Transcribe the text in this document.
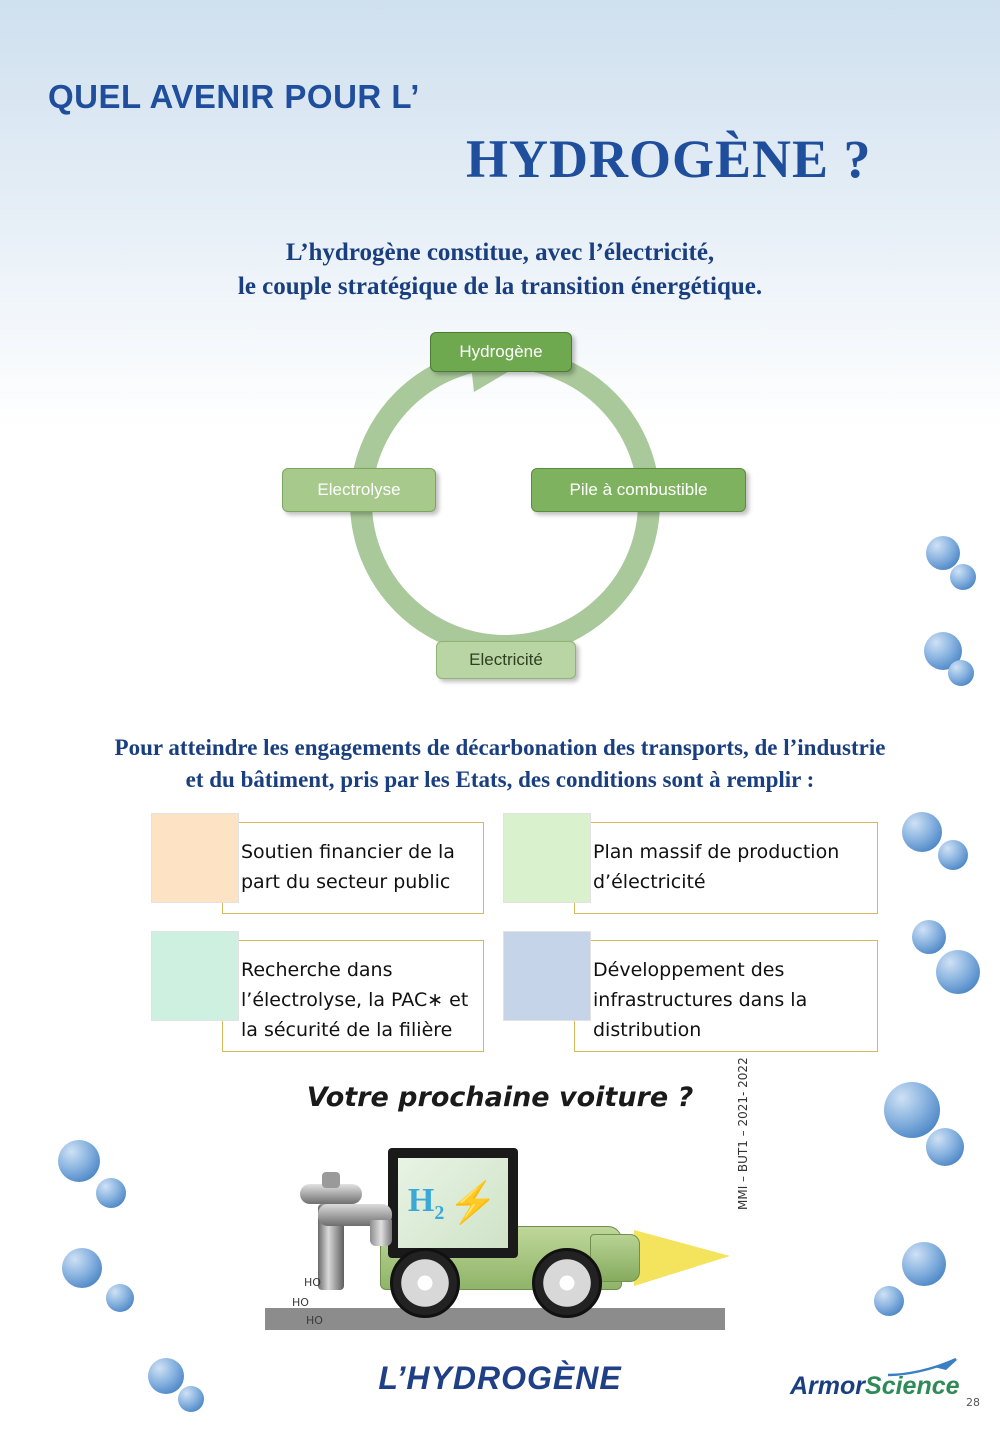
QUEL AVENIR POUR L’
HYDROGÈNE ?
L’hydrogène constitue, avec l’électricité,
le couple stratégique de la transition énergétique.
Hydrogène
Pile à combustible
Electricité
Electrolyse
Pour atteindre les engagements de décarbonation des transports, de l’industrie
et du bâtiment, pris par les Etats, des conditions sont à remplir :
Soutien financier de la part du secteur public
Plan massif de production d’électricité
Recherche dans l’électrolyse, la PAC∗ et la sécurité de la filière
Développement des infrastructures dans la distribution
Votre prochaine voiture ?
$H_2$ ⚡
HO
HO
HO
MMI – BUT1 – 2021- 2022
L’HYDROGÈNE	ArmorScience
28
